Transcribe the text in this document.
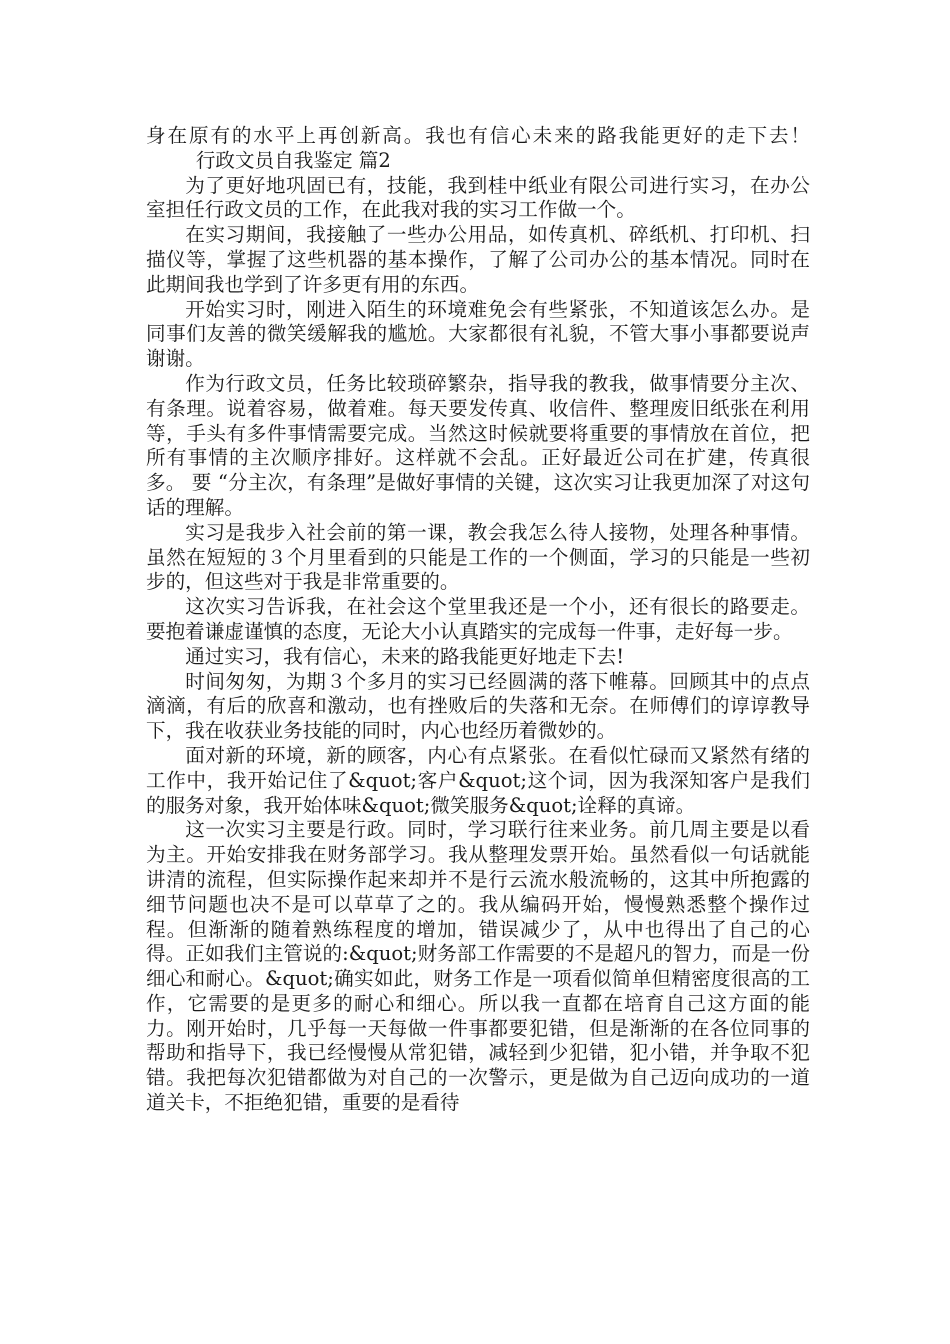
身在原有的水平上再创新高。我也有信心未来的路我能更好的走下去！        行政文员自我鉴定 篇2

为了更好地巩固已有，技能，我到桂中纸业有限公司进行实习，在办公室担任行政文员的工作，在此我对我的实习工作做一个。

在实习期间，我接触了一些办公用品，如传真机、碎纸机、打印机、扫描仪等，掌握了这些机器的基本操作，了解了公司办公的基本情况。同时在此期间我也学到了许多更有用的东西。

开始实习时，刚进入陌生的环境难免会有些紧张，不知道该怎么办。是同事们友善的微笑缓解我的尴尬。大家都很有礼貌，不管大事小事都要说声谢谢。

作为行政文员，任务比较琐碎繁杂，指导我的教我，做事情要分主次、有条理。说着容易，做着难。每天要发传真、收信件、整理废旧纸张在利用等，手头有多件事情需要完成。当然这时候就要将重要的事情放在首位，把所有事情的主次顺序排好。这样就不会乱。正好最近公司在扩建，传真很多。 要 “分主次，有条理”是做好事情的关键，这次实习让我更加深了对这句话的理解。

实习是我步入社会前的第一课，教会我怎么待人接物，处理各种事情。虽然在短短的３个月里看到的只能是工作的一个侧面，学习的只能是一些初步的，但这些对于我是非常重要的。

这次实习告诉我，在社会这个堂里我还是一个小，还有很长的路要走。要抱着谦虚谨慎的态度，无论大小认真踏实的完成每一件事，走好每一步。

通过实习，我有信心，未来的路我能更好地走下去!

时间匆匆，为期３个多月的实习已经圆满的落下帷幕。回顾其中的点点滴滴，有后的欣喜和激动，也有挫败后的失落和无奈。在师傅们的谆谆教导下，我在收获业务技能的同时，内心也经历着微妙的。

面对新的环境，新的顾客，内心有点紧张。在看似忙碌而又紧然有绪的工作中，我开始记住了&quot;客户&quot;这个词，因为我深知客户是我们的服务对象，我开始体味&quot;微笑服务&quot;诠释的真谛。

这一次实习主要是行政。同时，学习联行往来业务。前几周主要是以看为主。开始安排我在财务部学习。我从整理发票开始。虽然看似一句话就能讲清的流程，但实际操作起来却并不是行云流水般流畅的，这其中所抱露的细节问题也决不是可以草草了之的。我从编码开始，慢慢熟悉整个操作过程。但渐渐的随着熟练程度的增加，错误减少了，从中也得出了自己的心得。正如我们主管说的:&quot;财务部工作需要的不是超凡的智力，而是一份细心和耐心。&quot;确实如此，财务工作是一项看似简单但精密度很高的工作，它需要的是更多的耐心和细心。所以我一直都在培育自己这方面的能力。刚开始时，几乎每一天每做一件事都要犯错，但是渐渐的在各位同事的帮助和指导下，我已经慢慢从常犯错，减轻到少犯错，犯小错，并争取不犯错。我把每次犯错都做为对自己的一次警示，更是做为自己迈向成功的一道道关卡，不拒绝犯错，重要的是看待
